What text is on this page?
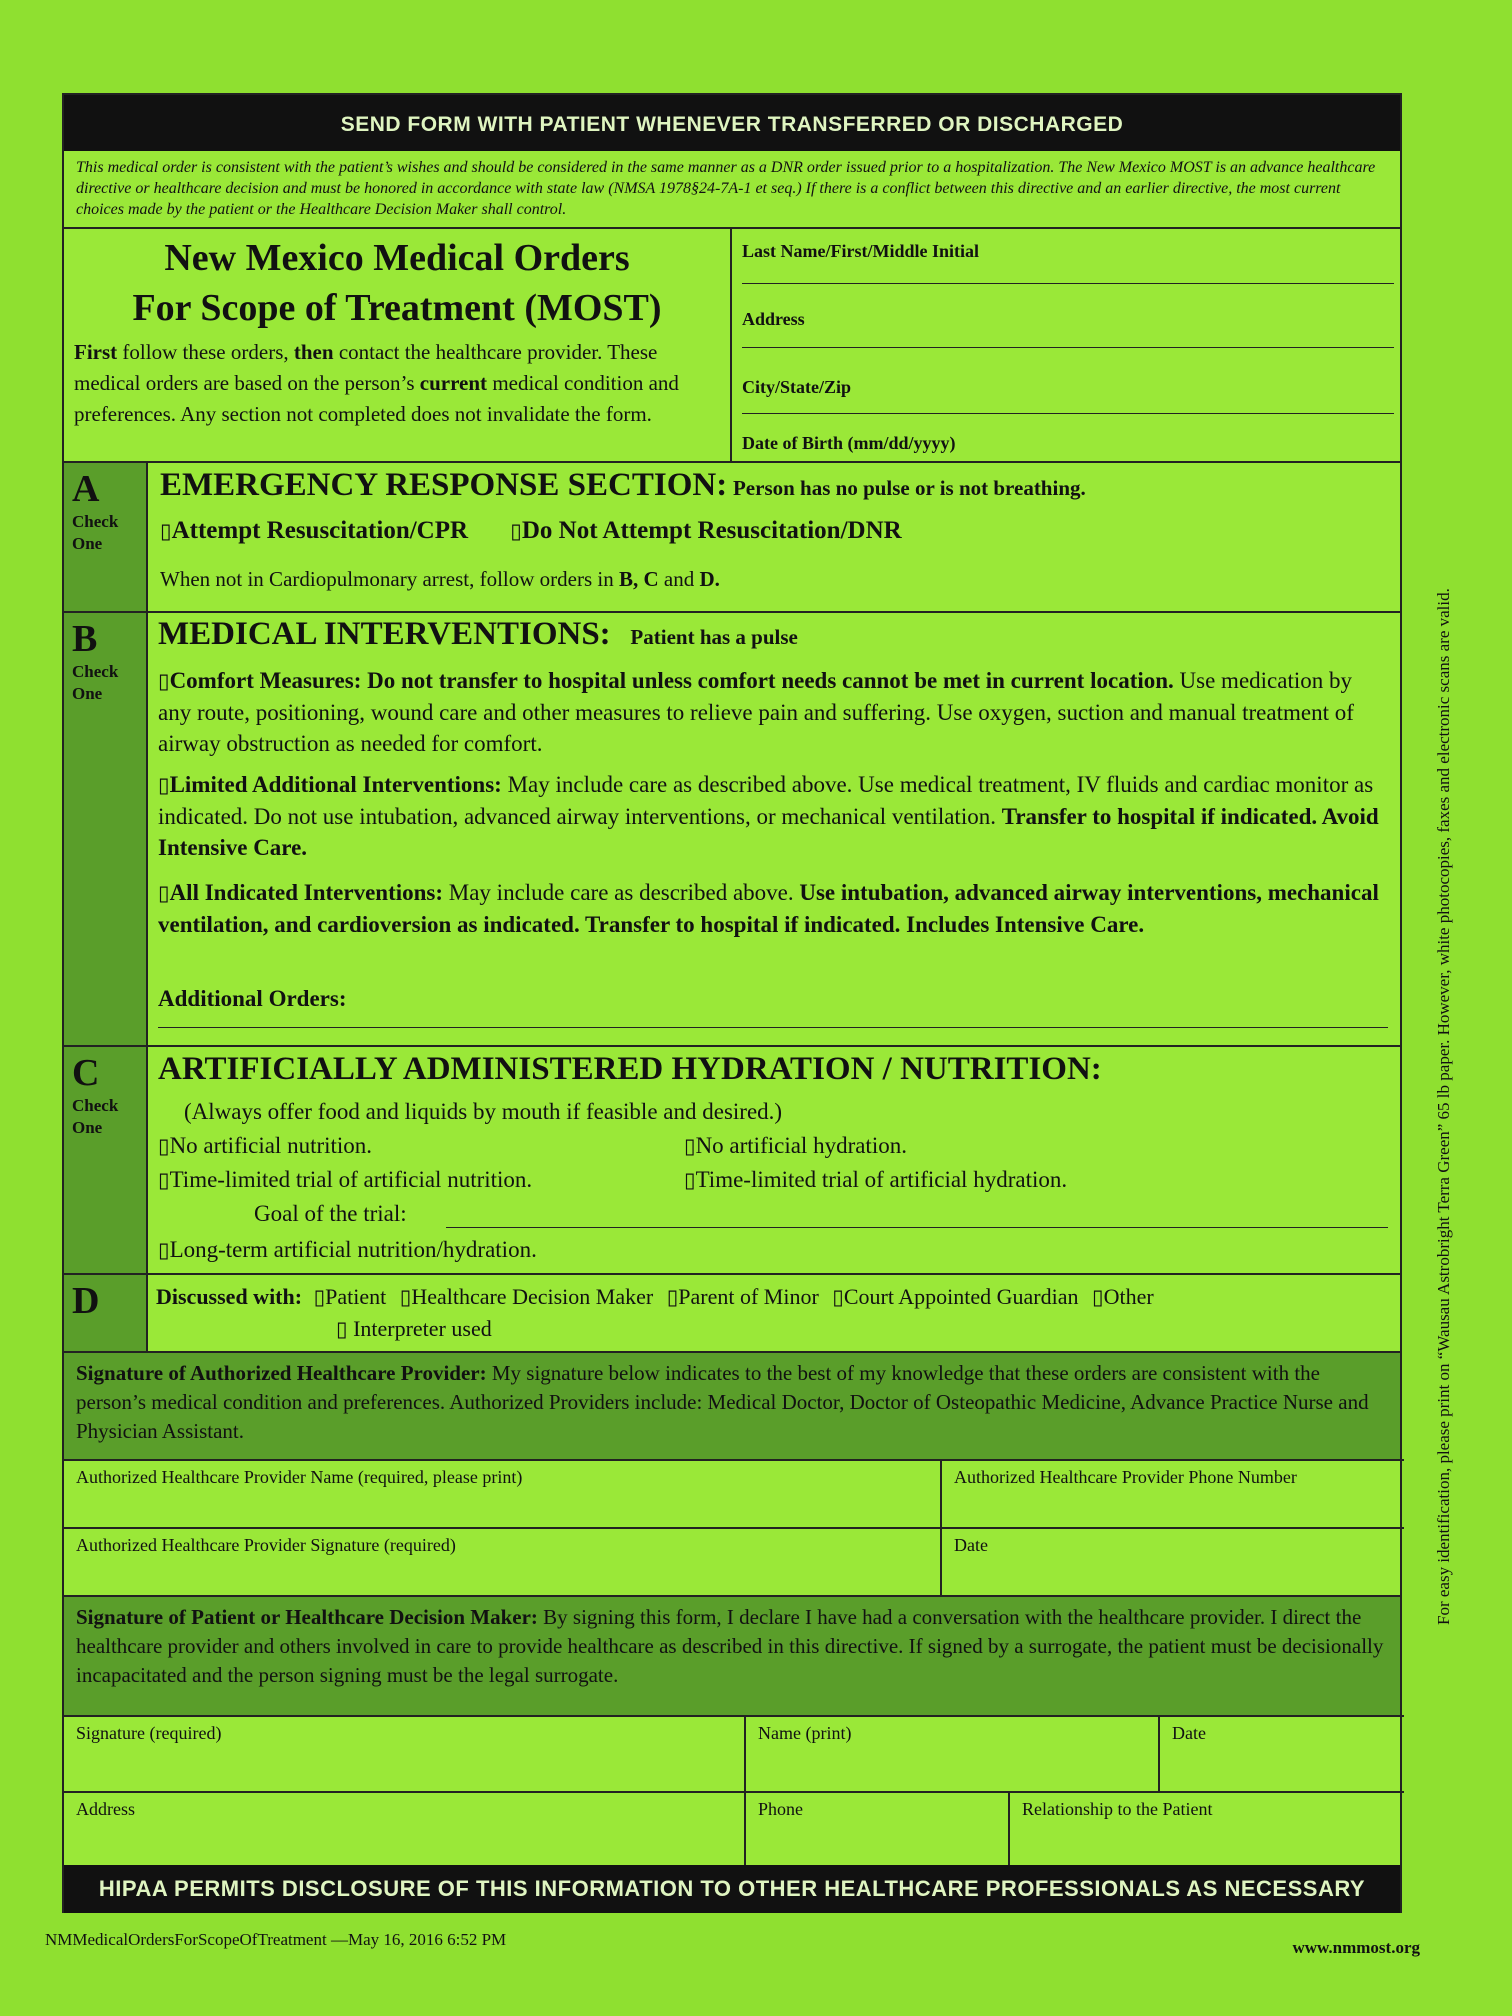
SEND FORM WITH PATIENT WHENEVER TRANSFERRED OR DISCHARGED
This medical order is consistent with the patient’s wishes and should be considered in the same manner as a DNR order issued prior to a hospitalization. The New Mexico MOST is an advance healthcare directive or healthcare decision and must be honored in accordance with state law (NMSA 1978§24-7A-1 et seq.) If there is a conflict between this directive and an earlier directive, the most current choices made by the patient or the Healthcare Decision Maker shall control.
New Mexico Medical Orders
For Scope of Treatment (MOST)

First follow these orders, then contact the healthcare provider. These medical orders are based on the person’s current medical condition and preferences. Any section not completed does not invalidate the form.

Last Name/First/Middle Initial
Address
City/State/Zip
Date of Birth (mm/dd/yyyy)
A
Check One
EMERGENCY RESPONSE SECTION: Person has no pulse or is not breathing.
▯ Attempt Resuscitation/CPR ▯ Do Not Attempt Resuscitation/DNR
When not in Cardiopulmonary arrest, follow orders in B, C and D.
B
Check One
MEDICAL INTERVENTIONS: Patient has a pulse
▯ Comfort Measures: Do not transfer to hospital unless comfort needs cannot be met in current location. Use medication by any route, positioning, wound care and other measures to relieve pain and suffering. Use oxygen, suction and manual treatment of airway obstruction as needed for comfort.
▯ Limited Additional Interventions: May include care as described above. Use medical treatment, IV fluids and cardiac monitor as indicated. Do not use intubation, advanced airway interventions, or mechanical ventilation. Transfer to hospital if indicated. Avoid Intensive Care.
▯ All Indicated Interventions: May include care as described above. Use intubation, advanced airway interventions, mechanical ventilation, and cardioversion as indicated. Transfer to hospital if indicated. Includes Intensive Care.
Additional Orders:
C
Check One
ARTIFICIALLY ADMINISTERED HYDRATION / NUTRITION:
(Always offer food and liquids by mouth if feasible and desired.)
▯ No artificial nutrition. ▯	No artificial hydration.
▯ Time-limited trial of artificial nutrition. ▯	Time-limited trial of artificial hydration.
Goal of the trial:
▯ Long-term artificial nutrition/hydration.
D	Discussed with: ▯ Patient ▯ Healthcare Decision Maker ▯ Parent of Minor ▯ Court Appointed Guardian ▯ Other
▯ Interpreter used
Signature of Authorized Healthcare Provider: My signature below indicates to the best of my knowledge that these orders are consistent with the person’s medical condition and preferences. Authorized Providers include: Medical Doctor, Doctor of Osteopathic Medicine, Advance Practice Nurse and Physician Assistant.
Authorized Healthcare Provider Name (required, please print)	Authorized Healthcare Provider Phone Number
Authorized Healthcare Provider Signature (required)	Date
Signature of Patient or Healthcare Decision Maker: By signing this form, I declare I have had a conversation with the healthcare provider. I direct the healthcare provider and others involved in care to provide healthcare as described in this directive. If signed by a surrogate, the patient must be decisionally incapacitated and the person signing must be the legal surrogate.
Signature (required)	Name (print)	Date
Address	Phone	Relationship to the Patient
HIPAA PERMITS DISCLOSURE OF THIS INFORMATION TO OTHER HEALTHCARE PROFESSIONALS AS NECESSARY
NMMedicalOrdersForScopeOfTreatment —May 16, 2016 6:52 PM	www.nmmost.org
For easy identification, please print on “Wausau Astrobright Terra Green” 65 lb paper. However, white photocopies, faxes and electronic scans are valid.
